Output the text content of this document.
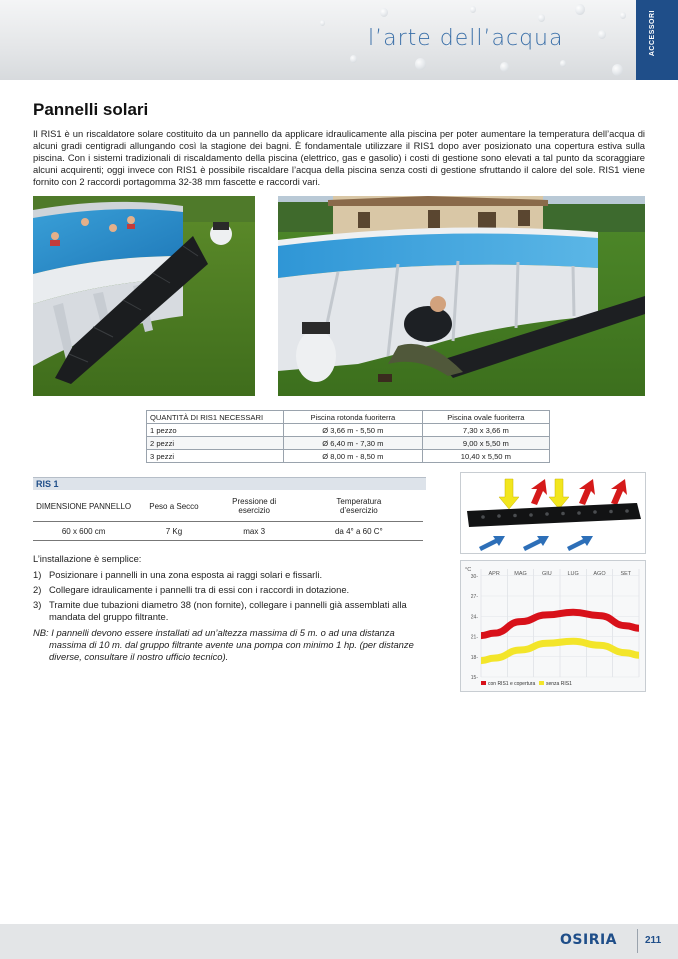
l’arte dell’acqua	ACCESSORI
Pannelli solari

Il RIS1 è un riscaldatore solare costituito da un pannello da applicare idraulicamente alla piscina per poter aumentare la temperatura dell’acqua di alcuni gradi centigradi allungando così la stagione dei bagni. È fondamentale utilizzare il RIS1 dopo aver posizionato una copertura estiva sulla piscina. Con i sistemi tradizionali di riscaldamento della piscina (elettrico, gas e gasolio) i costi di gestione sono elevati a tal punto da scoraggiare alcuni acquirenti; oggi invece con RIS1 è possibile riscaldare l’acqua della piscina senza costi di gestione sfruttando il calore del sole. RIS1 viene fornito con 2 raccordi portagomma 32-38 mm fascette e raccordi vari.

QUANTITÀ DI RIS1 NECESSARI	Piscina rotonda fuoriterra	Piscina ovale fuoriterra
1 pezzo	Ø 3,66 m - 5,50 m	7,30 x 3,66 m
2 pezzi	Ø 6,40 m - 7,30 m	9,00 x 5,50 m
3 pezzi	Ø 8,00 m - 8,50 m	10,40 x 5,50 m
RIS 1
DIMENSIONE PANNELLO	Peso a Secco	Pressione di esercizio	Temperatura d’esercizio
60 x 600 cm	7 Kg	max 3	da 4° a 60 C°

L’installazione è semplice:

1) Posizionare i pannelli in una zona esposta ai raggi solari e fissarli.
2) Collegare idraulicamente i pannelli tra di essi con i raccordi in dotazione.
3) Tramite due tubazioni diametro 38 (non fornite), collegare i pannelli già assemblati alla mandata del gruppo filtrante.
NB: I pannelli devono essere installati ad un’altezza massima di 5 m. o ad una distanza massima di 10 m. dal gruppo filtrante avente una pompa con minimo 1 hp. (per distanze diverse, consultare il nostro ufficio tecnico).
APR	MAG	GIU	LUG	AGO	SET
15-
18-
21-
24-
27-
30-
°C
con RIS1 e copertura senza RIS1
OSIRIA	211
